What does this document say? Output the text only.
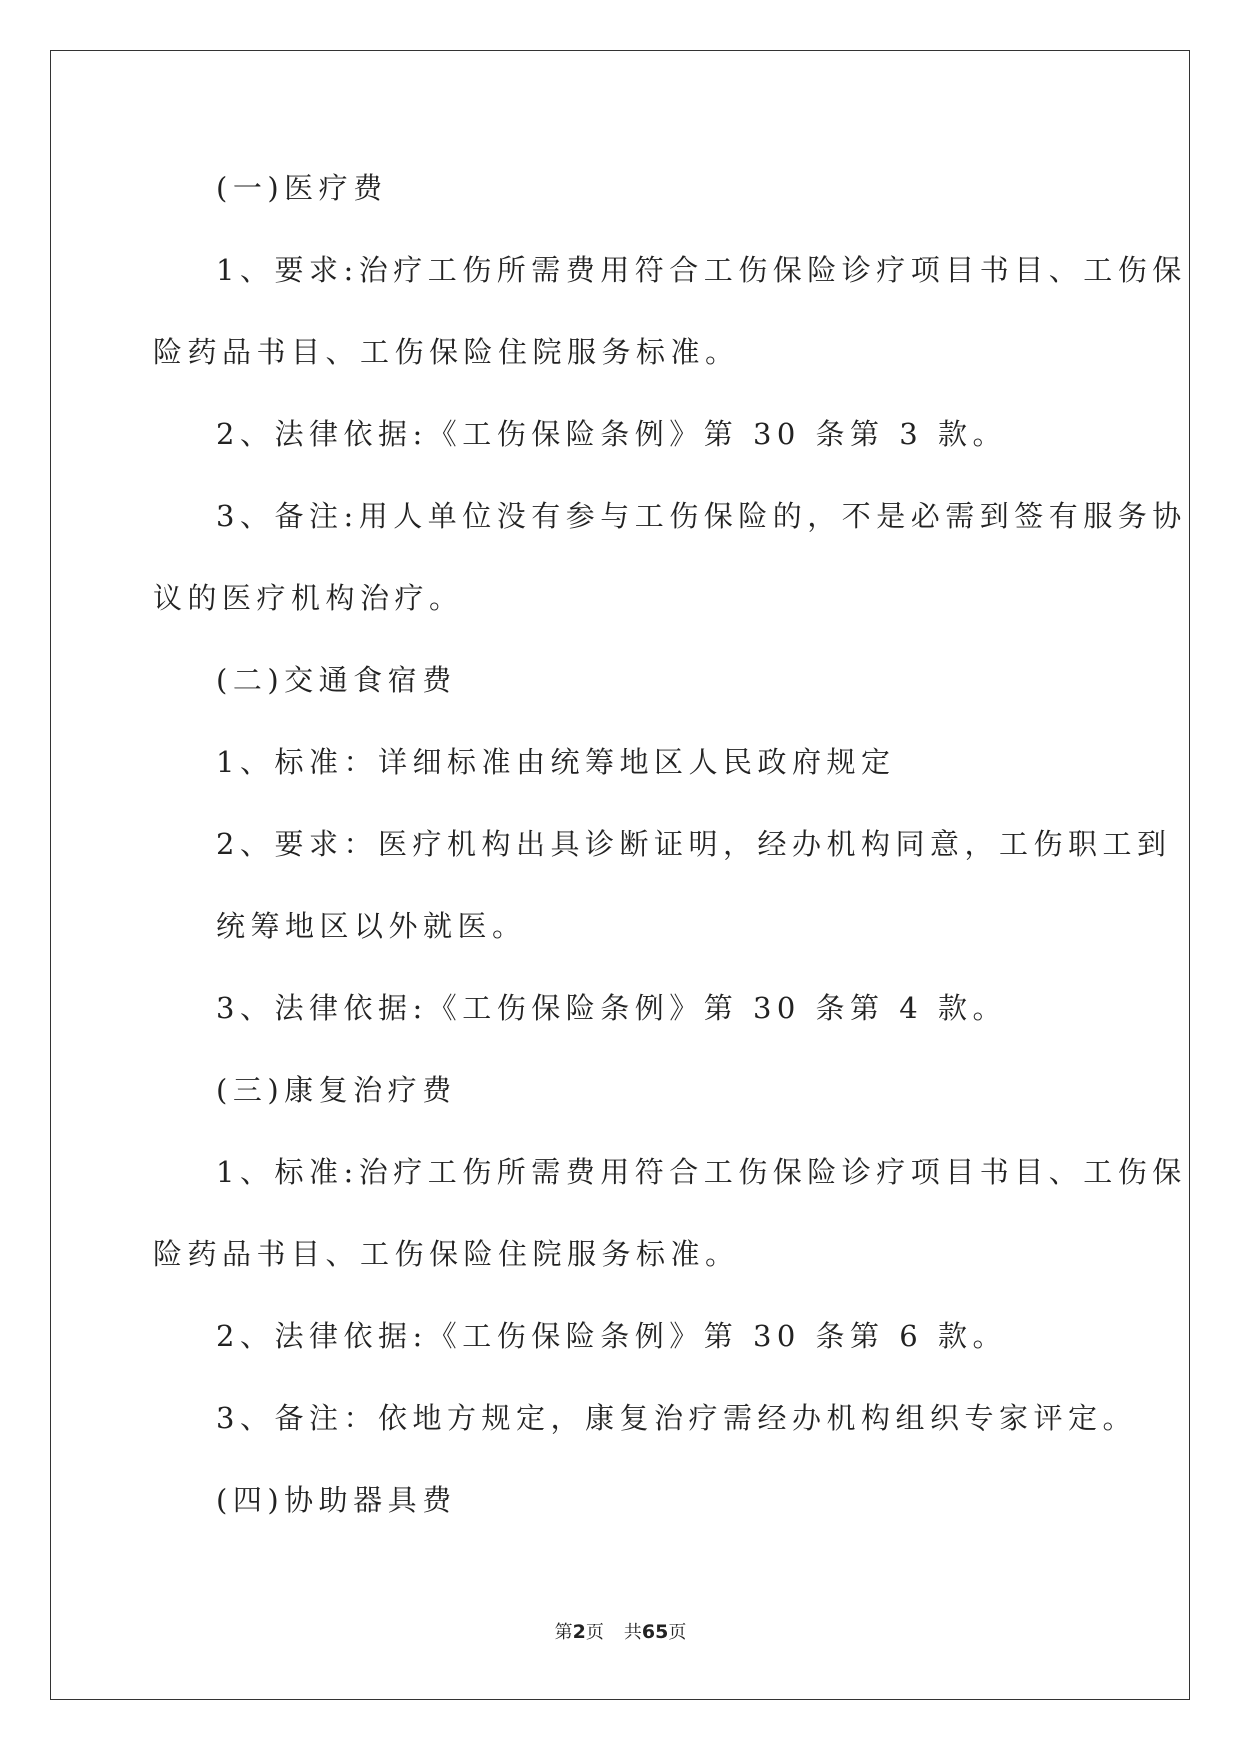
(一)医疗费

1、要求:治疗工伤所需费用符合工伤保险诊疗项目书目、工伤保

险药品书目、工伤保险住院服务标准。

2、法律依据:《工伤保险条例》第 30 条第 3 款。

3、备注:用人单位没有参与工伤保险的，不是必需到签有服务协

议的医疗机构治疗。

(二)交通食宿费

1、标准：详细标准由统筹地区人民政府规定

2、要求：医疗机构出具诊断证明，经办机构同意，工伤职工到

统筹地区以外就医。

3、法律依据:《工伤保险条例》第 30 条第 4 款。

(三)康复治疗费

1、标准:治疗工伤所需费用符合工伤保险诊疗项目书目、工伤保

险药品书目、工伤保险住院服务标准。

2、法律依据:《工伤保险条例》第 30 条第 6 款。

3、备注：依地方规定，康复治疗需经办机构组织专家评定。

(四)协助器具费

第2页 共65页
